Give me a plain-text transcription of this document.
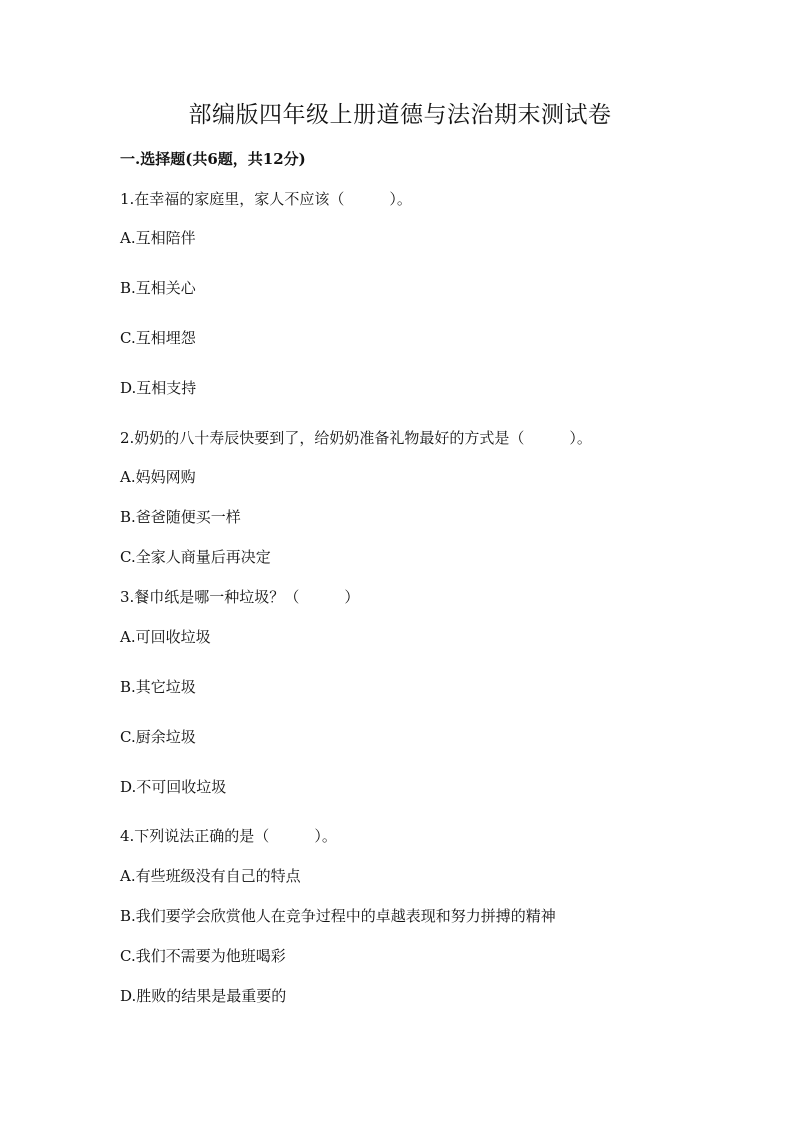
部编版四年级上册道德与法治期末测试卷
一.选择题(共6题，共12分)
1.在幸福的家庭里，家人不应该（　　　）。
A.互相陪伴
B.互相关心
C.互相埋怨
D.互相支持
2.奶奶的八十寿辰快要到了，给奶奶准备礼物最好的方式是（　　　）。
A.妈妈网购
B.爸爸随便买一样
C.全家人商量后再决定
3.餐巾纸是哪一种垃圾？（　　　）
A.可回收垃圾
B.其它垃圾
C.厨余垃圾
D.不可回收垃圾
4.下列说法正确的是（　　　）。
A.有些班级没有自己的特点
B.我们要学会欣赏他人在竞争过程中的卓越表现和努力拼搏的精神
C.我们不需要为他班喝彩
D.胜败的结果是最重要的
